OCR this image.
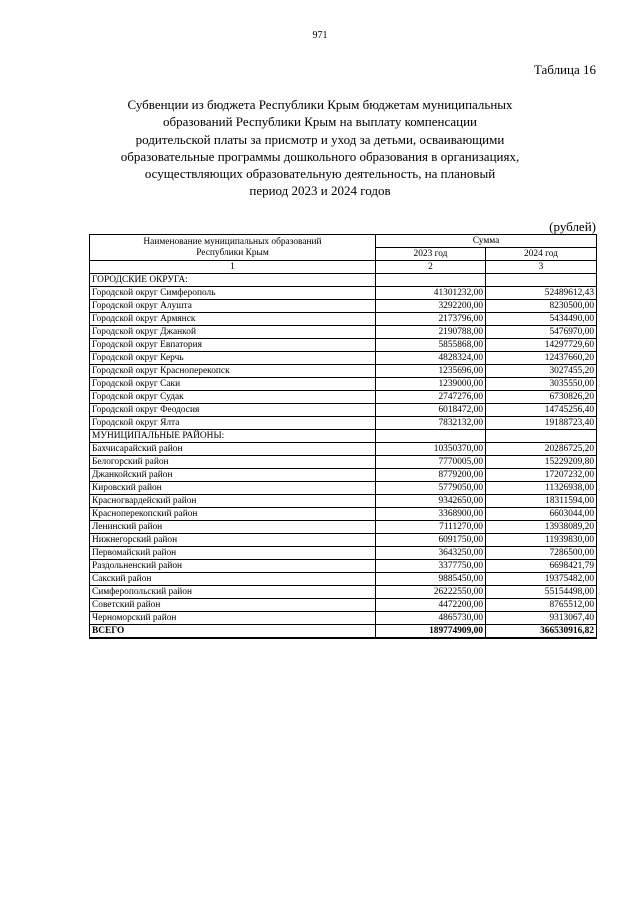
971
Таблица 16
Субвенции из бюджета Республики Крым бюджетам муниципальных
образований Республики Крым на выплату компенсации
родительской платы за присмотр и уход за детьми, осваивающими
образовательные программы дошкольного образования в организациях,
осуществляющих образовательную деятельность, на плановый
период 2023 и 2024 годов
(рублей)
Наименование муниципальных образований
Республики Крым	Сумма	
	2023 год	2024 год
1	2	3
ГОРОДСКИЕ ОКРУГА:		
Городской округ Симферополь	41301232,00	52489612,43
Городской округ Алушта	3292200,00	8230500,00
Городской округ Армянск	2173796,00	5434490,00
Городской округ Джанкой	2190788,00	5476970,00
Городской округ Евпатория	5855868,00	14297729,60
Городской округ Керчь	4828324,00	12437660,20
Городской округ Красноперекопск	1235696,00	3027455,20
Городской округ Саки	1239000,00	3035550,00
Городской округ Судак	2747276,00	6730826,20
Городской округ Феодосия	6018472,00	14745256,40
Городской округ Ялта	7832132,00	19188723,40
МУНИЦИПАЛЬНЫЕ РАЙОНЫ:		
Бахчисарайский район	10350370,00	20286725,20
Белогорский район	7770005,00	15229209,80
Джанкойский район	8779200,00	17207232,00
Кировский район	5779050,00	11326938,00
Красногвардейский район	9342650,00	18311594,00
Красноперекопский район	3368900,00	6603044,00
Ленинский район	7111270,00	13938089,20
Нижнегорский район	6091750,00	11939830,00
Первомайский район	3643250,00	7286500,00
Раздольненский район	3377750,00	6698421,79
Сакский район	9885450,00	19375482,00
Симферопольский район	26222550,00	55154498,00
Советский район	4472200,00	8765512,00
Черноморский район	4865730,00	9313067,40
ВСЕГО	189774909,00	366530916,82
